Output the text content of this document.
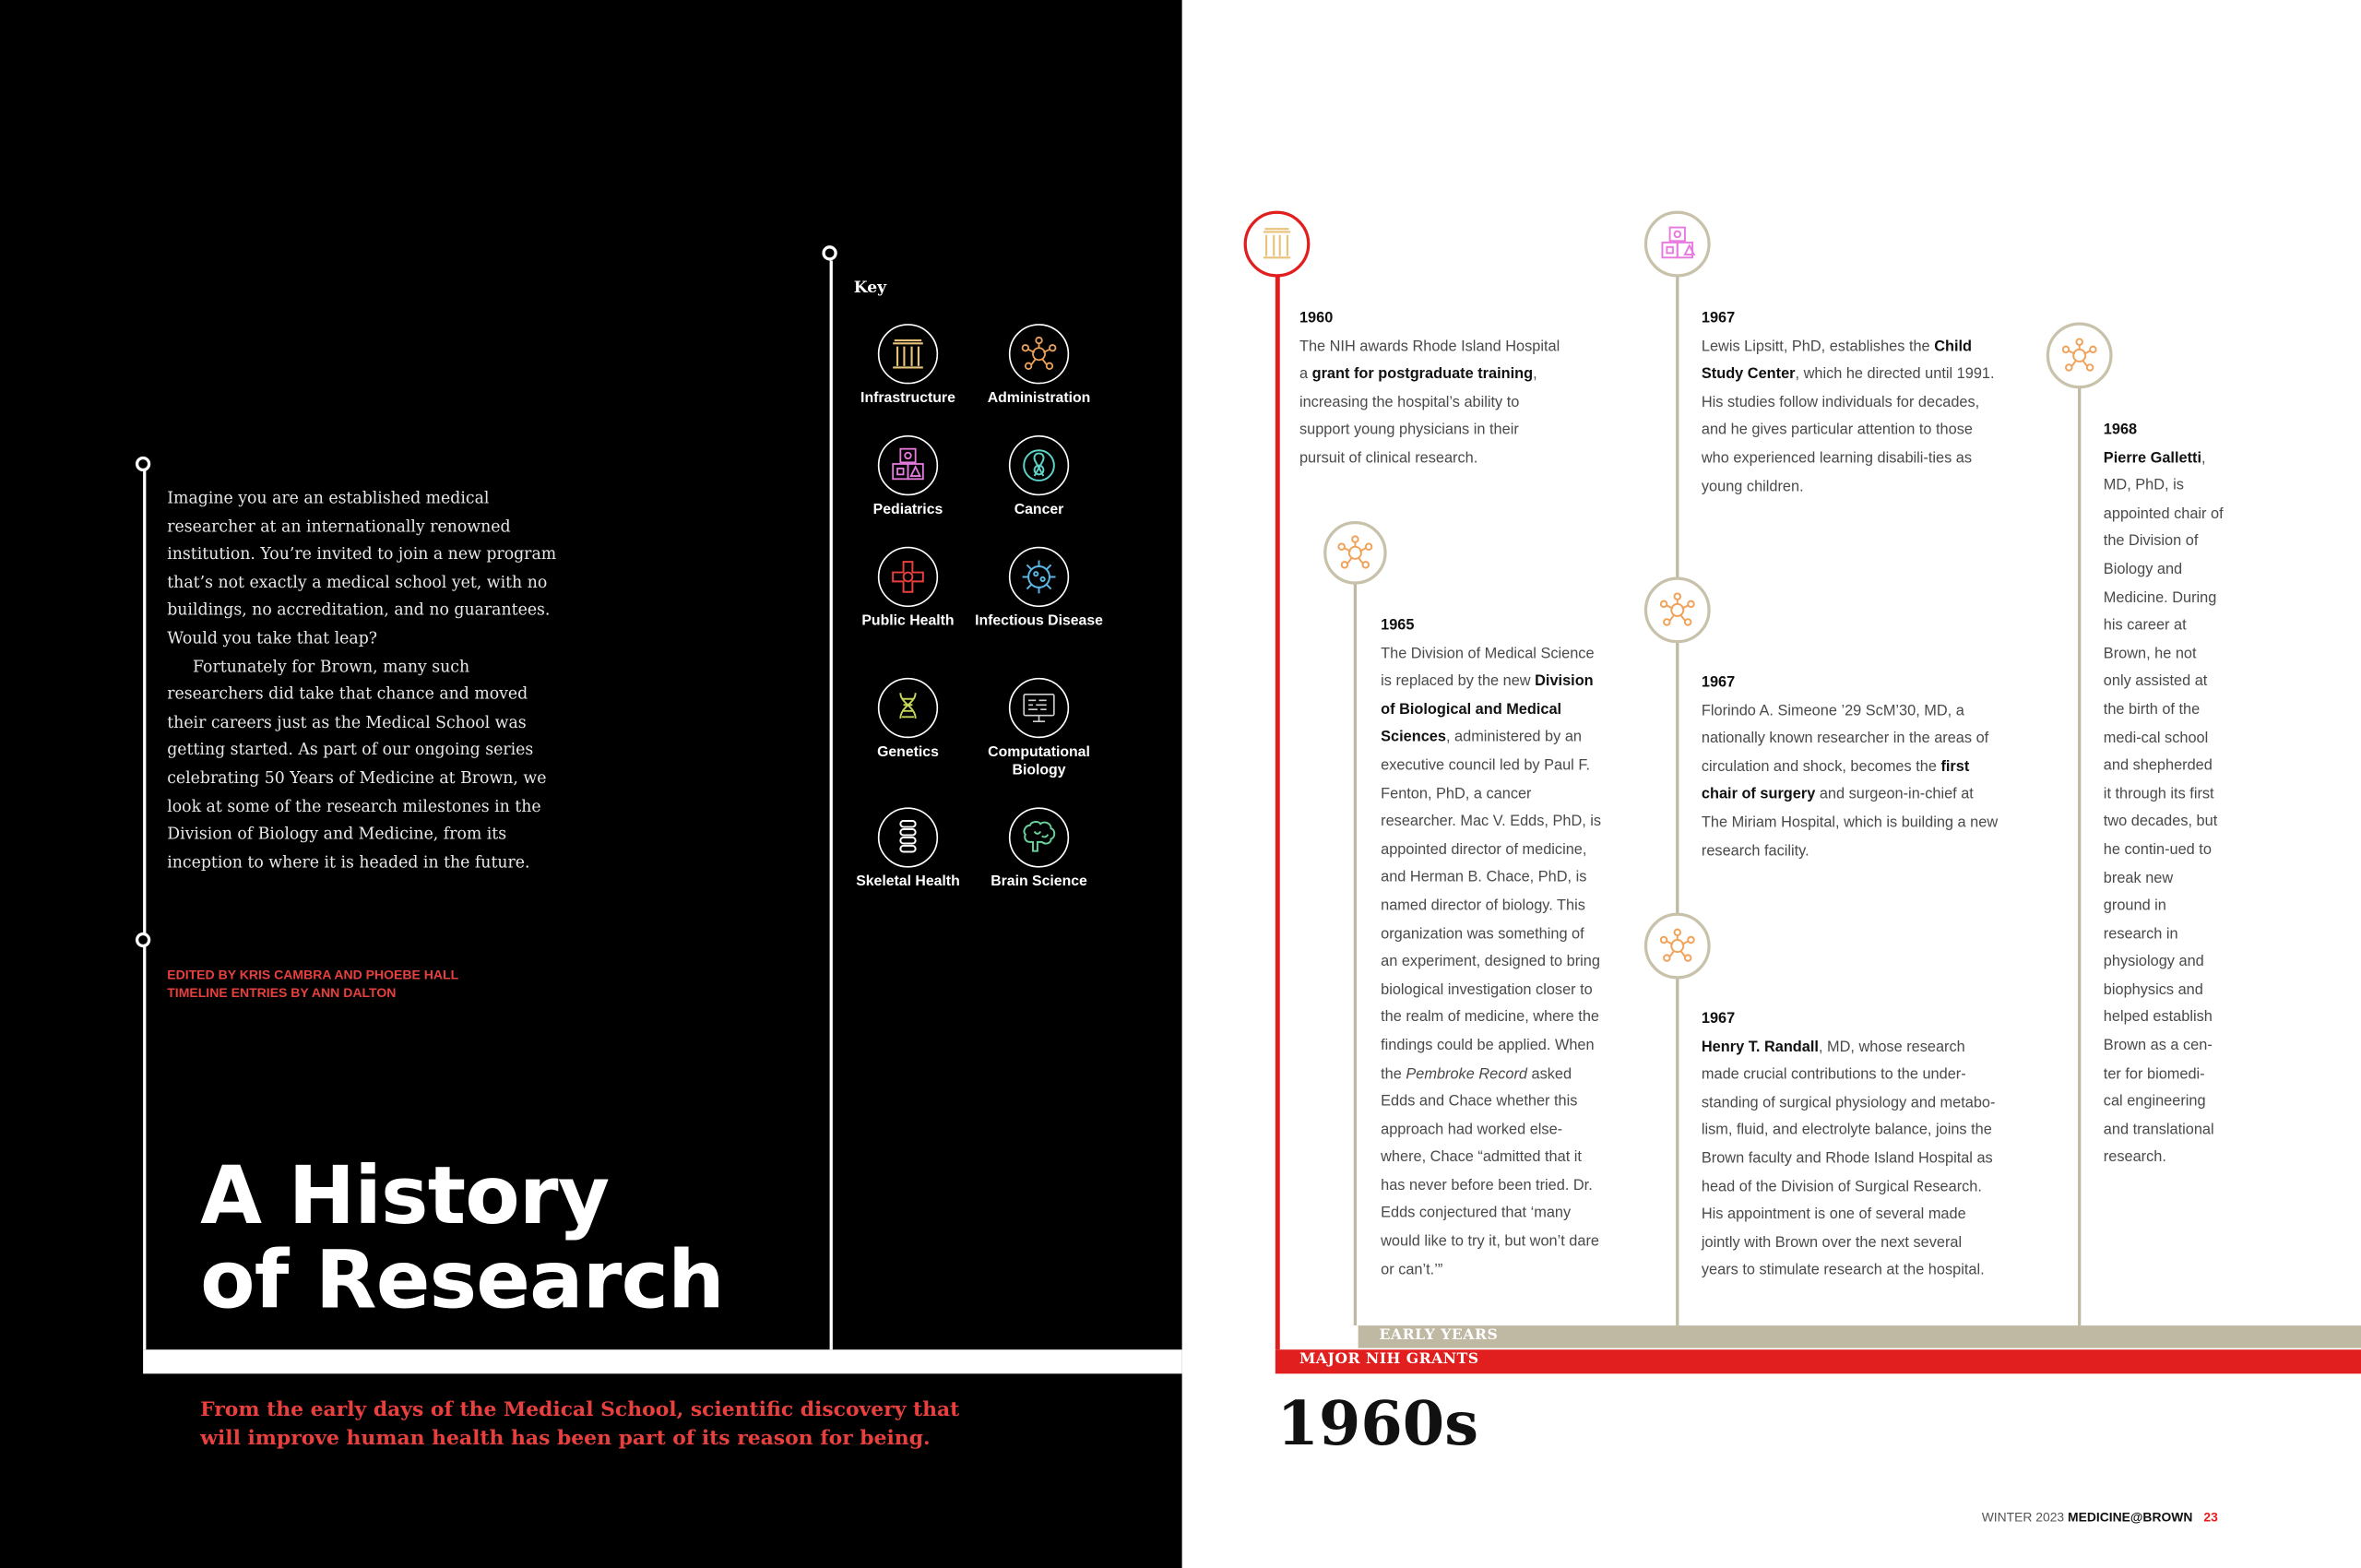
Imagine you are an established medical researcher at an internationally renowned institution. You’re invited to join a new program that’s not exactly a medical school yet, with no buildings, no accreditation, and no guarantees. Would you take that leap?

Fortunately for Brown, many such researchers did take that chance and moved their careers just as the Medical School was getting started. As part of our ongoing series celebrating 50 Years of Medicine at Brown, we look at some of the research milestones in the Division of Biology and Medicine, from its inception to where it is headed in the future.

EDITED BY KRIS CAMBRA AND PHOEBE HALL
TIMELINE ENTRIES BY ANN DALTON
A History
of Research
Key
Infrastructure	Administration
Pediatrics	Cancer
Public Health	Infectious Disease
Genetics	Computational Biology
Skeletal Health	Brain Science
From the early days of the Medical School, scientific discovery that
will improve human health has been part of its reason for being.
1960
The NIH awards Rhode Island Hospital a grant for postgraduate training, increasing the hospital’s ability to support young physicians in their pursuit of clinical research.
1965
The Division of Medical Science is replaced by the new Division of Biological and Medical Sciences, administered by an executive council led by Paul F. Fenton, PhD, a cancer researcher. Mac V. Edds, PhD, is appointed director of medicine, and Herman B. Chace, PhD, is named director of biology. This organization was something of an experiment, designed to bring biological investigation closer to the realm of medicine, where the findings could be applied. When the Pembroke Record asked Edds and Chace whether this approach had worked else-where, Chace “admitted that it has never before been tried. Dr. Edds conjectured that ‘many would like to try it, but won’t dare or can’t.’”
1967
Lewis Lipsitt, PhD, establishes the Child Study Center, which he directed until 1991. His studies follow individuals for decades, and he gives particular attention to those who experienced learning disabili-ties as young children.
1967
Florindo A. Simeone ’29 ScM’30, MD, a nationally known researcher in the areas of circulation and shock, becomes the first chair of surgery and surgeon-in-chief at The Miriam Hospital, which is building a new research facility.
1967
Henry T. Randall, MD, whose research made crucial contributions to the under-standing of surgical physiology and metabo-lism, fluid, and electrolyte balance, joins the Brown faculty and Rhode Island Hospital as head of the Division of Surgical Research. His appointment is one of several made jointly with Brown over the next several years to stimulate research at the hospital.
1968
Pierre Galletti, MD, PhD, is appointed chair of the Division of Biology and Medicine. During his career at Brown, he not only assisted at the birth of the medi-cal school and shepherded it through its first two decades, but he contin-ued to break new ground in research in physiology and biophysics and helped establish Brown as a cen-ter for biomedi-cal engineering and translational research.
EARLY YEARS
MAJOR NIH GRANTS
1960s
WINTER 2023 MEDICINE@BROWN 23
